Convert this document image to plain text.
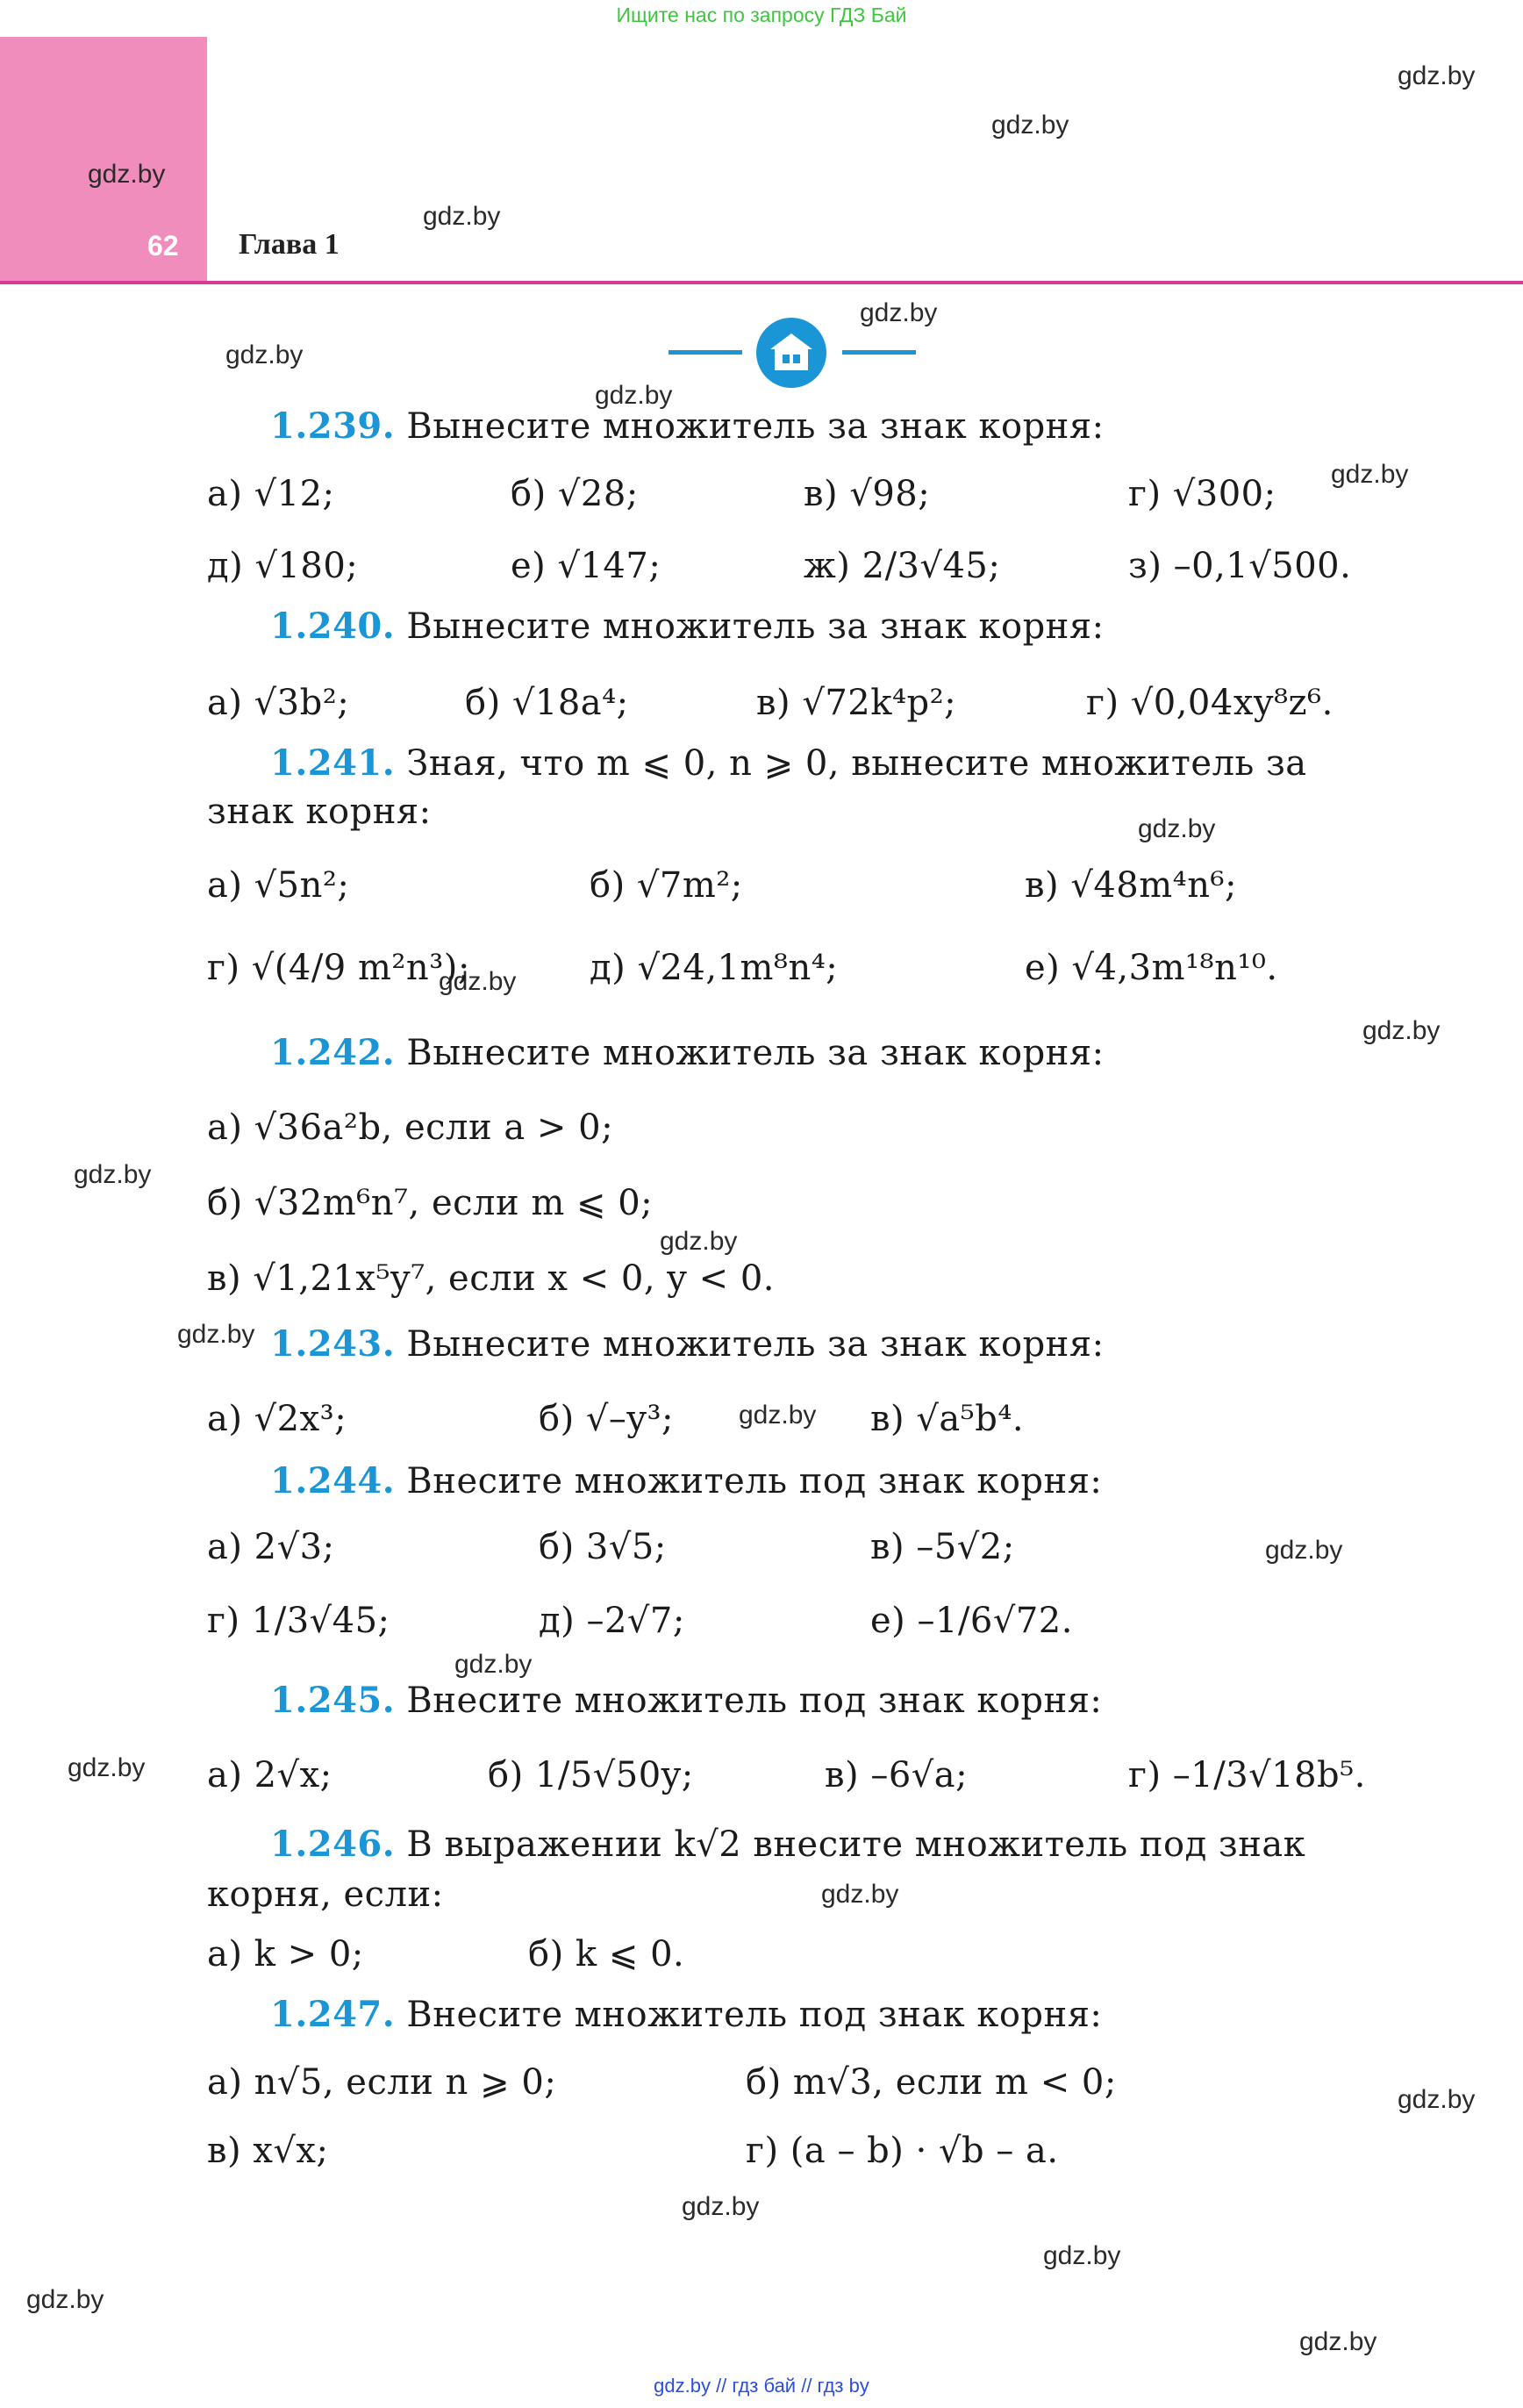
Ищите нас по запросу ГДЗ Бай
62 Глава 1
gdz.by
gdz.by
gdz.by
gdz.by
gdz.by
gdz.by
gdz.by
gdz.by
gdz.by
gdz.by
gdz.by
gdz.by
gdz.by
gdz.by
gdz.by
gdz.by
gdz.by
gdz.by
gdz.by
gdz.by
gdz.by
gdz.by
gdz.by
gdz.by
1.239. Вынесите множитель за знак корня:
а) √12;	б) √28;	в) √98;	г) √300;
д) √180;	е) √147;	ж) 2/3√45;	з) –0,1√500.
1.240. Вынесите множитель за знак корня:
а) √3b²;	б) √18a⁴;	в) √72k⁴p²;	г) √0,04xy⁸z⁶.
1.241. Зная, что m ⩽ 0, n ⩾ 0, вынесите множитель за
знак корня:
а) √5n²;	б) √7m²;	в) √48m⁴n⁶;
г) √(4/9 m²n³);	д) √24,1m⁸n⁴;	е) √4,3m¹⁸n¹⁰.
1.242. Вынесите множитель за знак корня:
а) √36a²b, если a > 0;
б) √32m⁶n⁷, если m ⩽ 0;
в) √1,21x⁵y⁷, если x < 0, y < 0.
1.243. Вынесите множитель за знак корня:
а) √2x³;	б) √–y³;	в) √a⁵b⁴.
1.244. Внесите множитель под знак корня:
а) 2√3;	б) 3√5;	в) –5√2;
г) 1/3√45;	д) –2√7;	е) –1/6√72.
1.245. Внесите множитель под знак корня:
а) 2√x;	б) 1/5√50y;	в) –6√a;	г) –1/3√18b⁵.
1.246. В выражении k√2 внесите множитель под знак
корня, если:
а) k > 0;	б) k ⩽ 0.
1.247. Внесите множитель под знак корня:
а) n√5, если n ⩾ 0;	б) m√3, если m < 0;
в) x√x;	г) (a – b) · √b – a.
gdz.by // гдз бай // гдз by
